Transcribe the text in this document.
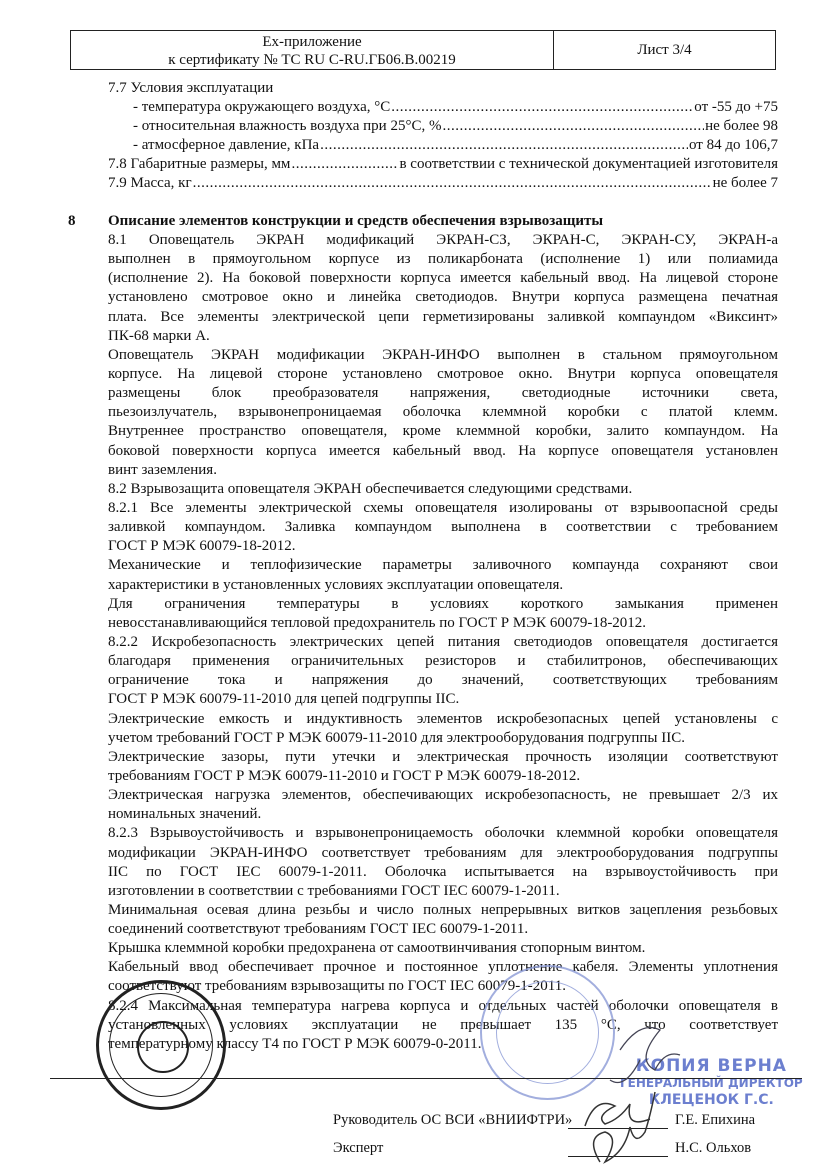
Ex-приложение
к сертификату № ТС RU C-RU.ГБ06.В.00219
Лист 3/4
7.7 Условия эксплуатации
- температура окружающего воздуха, °С .....	от -55 до +75
- относительная влажность воздуха при 25°С, % .....	не более 98
- атмосферное давление, кПа .....	от 84 до 106,7
7.8 Габаритные размеры, мм .....	в соответствии с технической документацией изготовителя
7.9 Масса, кг .....	не более 7
8 Описание элементов конструкции и средств обеспечения взрывозащиты
8.1 Оповещатель ЭКРАН модификаций ЭКРАН-СЗ, ЭКРАН-С, ЭКРАН-СУ, ЭКРАН-а
выполнен в прямоугольном корпусе из поликарбоната (исполнение 1) или полиамида
(исполнение 2). На боковой поверхности корпуса имеется кабельный ввод. На лицевой стороне
установлено смотровое окно и линейка светодиодов. Внутри корпуса размещена печатная
плата. Все элементы электрической цепи герметизированы заливкой компаундом «Виксинт»
ПК-68 марки А.
Оповещатель ЭКРАН модификации ЭКРАН-ИНФО выполнен в стальном прямоугольном
корпусе. На лицевой стороне установлено смотровое окно. Внутри корпуса оповещателя
размещены блок преобразователя напряжения, светодиодные источники света,
пьезоизлучатель, взрывонепроницаемая оболочка клеммной коробки с платой клемм.
Внутреннее пространство оповещателя, кроме клеммной коробки, залито компаундом. На
боковой поверхности корпуса имеется кабельный ввод. На корпусе оповещателя установлен
винт заземления.
8.2 Взрывозащита оповещателя ЭКРАН обеспечивается следующими средствами.
8.2.1 Все элементы электрической схемы оповещателя изолированы от взрывоопасной среды
заливкой компаундом. Заливка компаундом выполнена в соответствии с требованием
ГОСТ Р МЭК 60079-18-2012.
Механические и теплофизические параметры заливочного компаунда сохраняют свои
характеристики в установленных условиях эксплуатации оповещателя.
Для ограничения температуры в условиях короткого замыкания применен
невосстанавливающийся тепловой предохранитель по ГОСТ Р МЭК 60079-18-2012.
8.2.2 Искробезопасность электрических цепей питания светодиодов оповещателя достигается
благодаря применения ограничительных резисторов и стабилитронов, обеспечивающих
ограничение тока и напряжения до значений, соответствующих требованиям
ГОСТ Р МЭК 60079-11-2010 для цепей подгруппы IIC.
Электрические емкость и индуктивность элементов искробезопасных цепей установлены с
учетом требований ГОСТ Р МЭК 60079-11-2010 для электрооборудования подгруппы IIC.
Электрические зазоры, пути утечки и электрическая прочность изоляции соответствуют
требованиям ГОСТ Р МЭК 60079-11-2010 и ГОСТ Р МЭК 60079-18-2012.
Электрическая нагрузка элементов, обеспечивающих искробезопасность, не превышает 2/3 их
номинальных значений.
8.2.3 Взрывоустойчивость и взрывонепроницаемость оболочки клеммной коробки оповещателя
модификации ЭКРАН-ИНФО соответствует требованиям для электрооборудования подгруппы
IIC по ГОСТ IEC 60079-1-2011. Оболочка испытывается на взрывоустойчивость при
изготовлении в соответствии с требованиями ГОСТ IEC 60079-1-2011.
Минимальная осевая длина резьбы и число полных непрерывных витков зацепления резьбовых
соединений соответствуют требованиям ГОСТ IEC 60079-1-2011.
Крышка клеммной коробки предохранена от самоотвинчивания стопорным винтом.
Кабельный ввод обеспечивает прочное и постоянное уплотнение кабеля. Элементы уплотнения
соответствуют требованиям взрывозащиты по ГОСТ IEC 60079-1-2011.
8.2.4 Максимальная температура нагрева корпуса и отдельных частей оболочки оповещателя в
установленных условиях эксплуатации не превышает 135 °С, что соответствует
температурному классу Т4 по ГОСТ Р МЭК 60079-0-2011.
КОПИЯ ВЕРНА
ГЕНЕРАЛЬНЫЙ ДИРЕКТОР
КЛЕЦЕНОК Г.С.
Руководитель ОС ВСИ «ВНИИФТРИ»	Г.Е. Епихина
Эксперт	Н.С. Ольхов
